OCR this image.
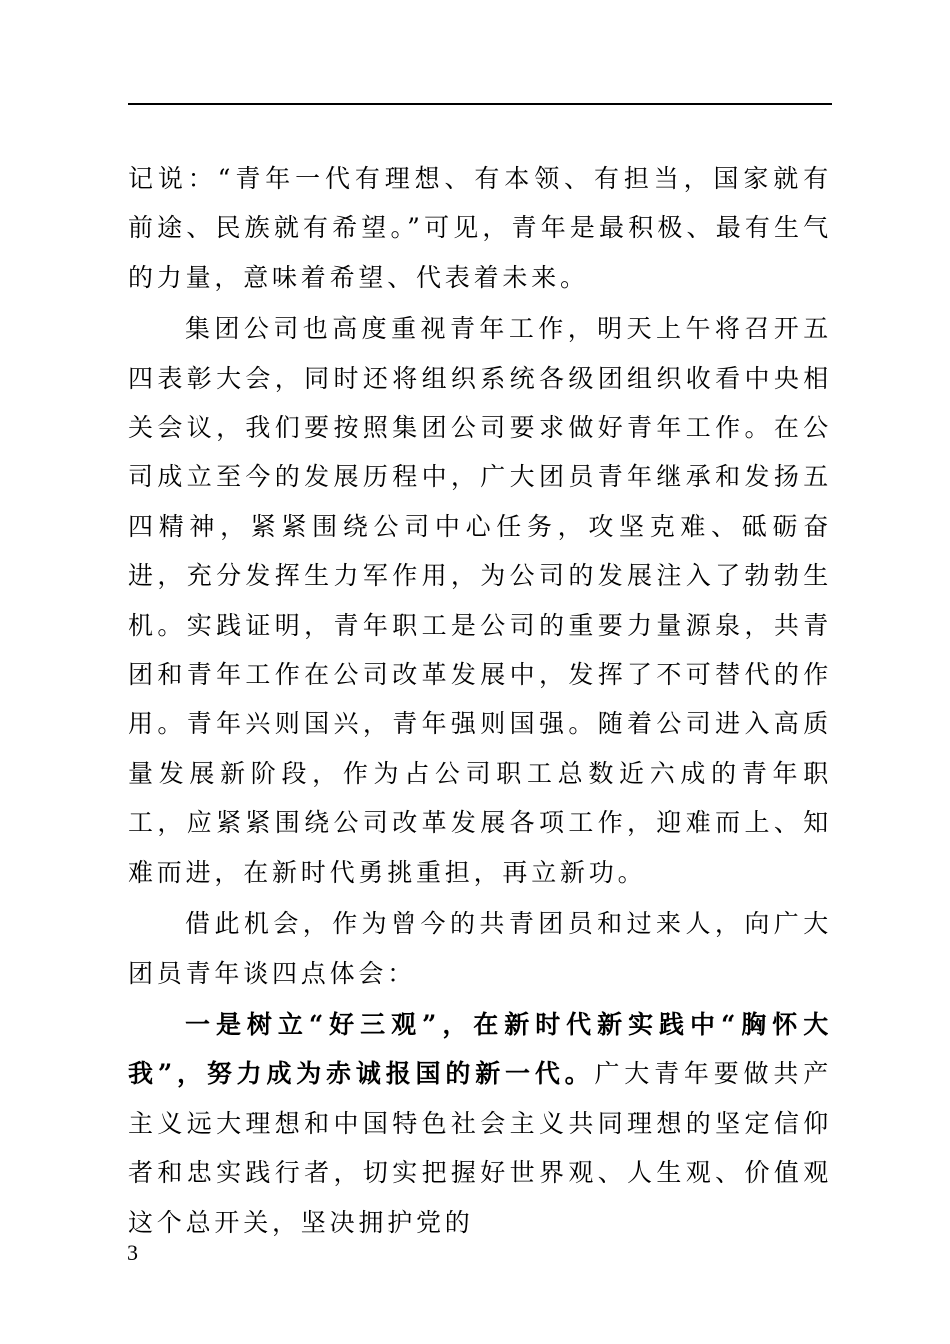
记说：“青年一代有理想、有本领、有担当，国家就有前途、民族就有希望。”可见，青年是最积极、最有生气的力量，意味着希望、代表着未来。

集团公司也高度重视青年工作，明天上午将召开五四表彰大会，同时还将组织系统各级团组织收看中央相关会议，我们要按照集团公司要求做好青年工作。在公司成立至今的发展历程中，广大团员青年继承和发扬五四精神，紧紧围绕公司中心任务，攻坚克难、砥砺奋进，充分发挥生力军作用，为公司的发展注入了勃勃生机。实践证明，青年职工是公司的重要力量源泉，共青团和青年工作在公司改革发展中，发挥了不可替代的作用。青年兴则国兴，青年强则国强。随着公司进入高质量发展新阶段，作为占公司职工总数近六成的青年职工，应紧紧围绕公司改革发展各项工作，迎难而上、知难而进，在新时代勇挑重担，再立新功。

借此机会，作为曾今的共青团员和过来人，向广大团员青年谈四点体会：

一是树立“好三观”，在新时代新实践中“胸怀大我”，努力成为赤诚报国的新一代。广大青年要做共产主义远大理想和中国特色社会主义共同理想的坚定信仰者和忠实践行者，切实把握好世界观、人生观、价值观这个总开关，坚决拥护党的

3
